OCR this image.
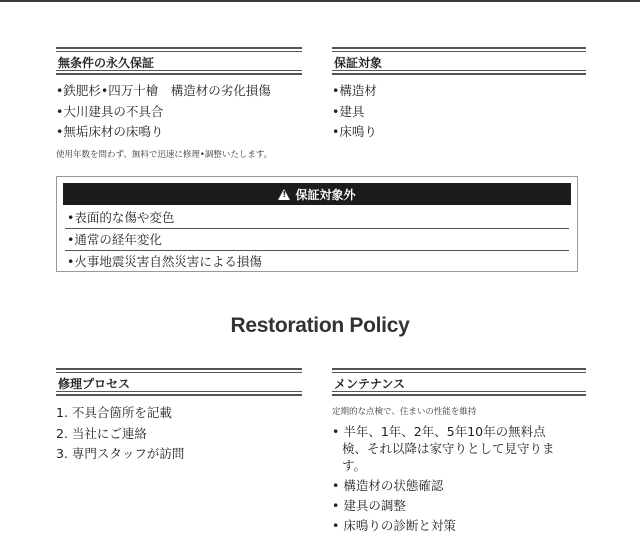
無条件の永久保証
•鉄肥杉•四万十檜　構造材の劣化損傷
•大川建具の不具合
•無垢床材の床鳴り
使用年数を問わず、無料で迅速に修理•調整いたします。
保証対象
•構造材
•建具
•床鳴り
!
保証対象外
•表面的な傷や変色
•通常の経年変化
•火事地震災害自然災害による損傷
Restoration Policy
修理プロセス
1. 不具合箇所を記載
2. 当社にご連絡
3. 専門スタッフが訪問
メンテナンス
定期的な点検で、住まいの性能を維持
• 半年、1年、2年、5年10年の無料点検、それ以降は家守りとして見守ります。
• 構造材の状態確認
• 建具の調整
• 床鳴りの診断と対策
